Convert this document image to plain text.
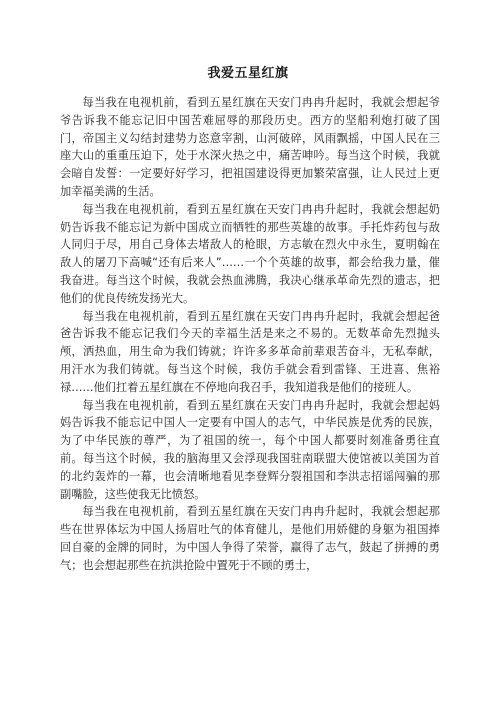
我爱五星红旗

每当我在电视机前，看到五星红旗在天安门冉冉升起时，我就会想起爷爷告诉我不能忘记旧中国苦难屈辱的那段历史。西方的坚船利炮打破了国门，帝国主义勾结封建势力恣意宰割，山河破碎，风雨飘摇，中国人民在三座大山的重重压迫下，处于水深火热之中，痛苦呻吟。每当这个时候，我就会暗自发誓：一定要好好学习，把祖国建设得更加繁荣富强，让人民过上更加幸福美满的生活。

每当我在电视机前，看到五星红旗在天安门冉冉升起时，我就会想起奶奶告诉我不能忘记为新中国成立而牺牲的那些英雄的故事。手托炸药包与敌人同归于尽，用自己身体去堵敌人的枪眼，方志敏在烈火中永生，夏明翰在敌人的屠刀下高喊“还有后来人”……一个个英雄的故事，都会给我力量，催我奋进。每当这个时候，我就会热血沸腾，我决心继承革命先烈的遗志，把他们的优良传统发扬光大。

每当我在电视机前，看到五星红旗在天安门冉冉升起时，我就会想起爸爸告诉我不能忘记我们今天的幸福生活是来之不易的。无数革命先烈抛头颅，洒热血，用生命为我们铸就；许许多多革命前辈艰苦奋斗，无私奉献，用汗水为我们铸就。每当这个时候，我仿手就会看到雷锋、王进喜、焦裕禄……他们扛着五星红旗在不停地向我召手，我知道我是他们的接班人。

每当我在电视机前，看到五星红旗在天安门冉冉升起时，我就会想起妈妈告诉我不能忘记中国人一定要有中国人的志气，中华民族是优秀的民族，为了中华民族的尊严，为了祖国的统一，每个中国人都要时刻准备勇往直前。每当这个时候，我的脑海里又会浮现我国驻南联盟大使馆被以美国为首的北约轰炸的一幕，也会清晰地看见李登辉分裂祖国和李洪志招谣闯骗的那副嘴脸，这些使我无比愤怒。

每当我在电视机前，看到五星红旗在天安门冉冉升起时，我就会想起那些在世界体坛为中国人扬眉吐气的体育健儿，是他们用娇健的身躯为祖国捧回自豪的金牌的同时，为中国人争得了荣誉，赢得了志气，鼓起了拼搏的勇气；也会想起那些在抗洪抢险中置死于不顾的勇士，
